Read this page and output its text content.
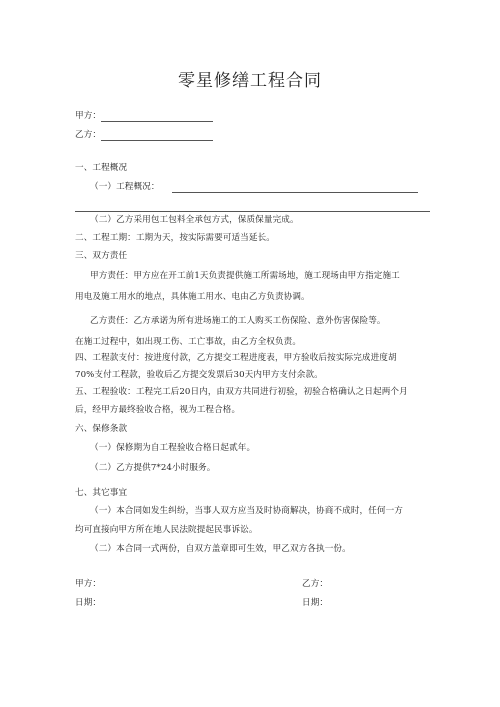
零星修缮工程合同
甲方：
乙方：
一、工程概况
（一）工程概况：
（二）乙方采用包工包料全承包方式，保质保量完成。
二、工程工期：工期为天，按实际需要可适当延长。
三、双方责任
甲方责任：甲方应在开工前1天负责提供施工所需场地，施工现场由甲方指定施工
用电及施工用水的地点，具体施工用水、电由乙方负责协调。
乙方责任：乙方承诺为所有进场施工的工人购买工伤保险、意外伤害保险等。
在施工过程中，如出现工伤、工亡事故，由乙方全权负责。
四、工程款支付：按进度付款，乙方提交工程进度表，甲方验收后按实际完成进度胡
70%支付工程款，验收后乙方提交发票后30天内甲方支付余款。
五、工程验收：工程完工后20日内，由双方共同进行初验，初验合格确认之日起两个月
后，经甲方最终验收合格，视为工程合格。
六、保修条款
（一）保修期为自工程验收合格日起贰年。
（二）乙方提供7*24小时服务。
七、其它事宜
（一）本合同如发生纠纷，当事人双方应当及时协商解决，协商不成时，任何一方
均可直接向甲方所在地人民法院提起民事诉讼。
（二）本合同一式两份，自双方盖章即可生效，甲乙双方各执一份。
甲方：	乙方：
日期：	日期：
